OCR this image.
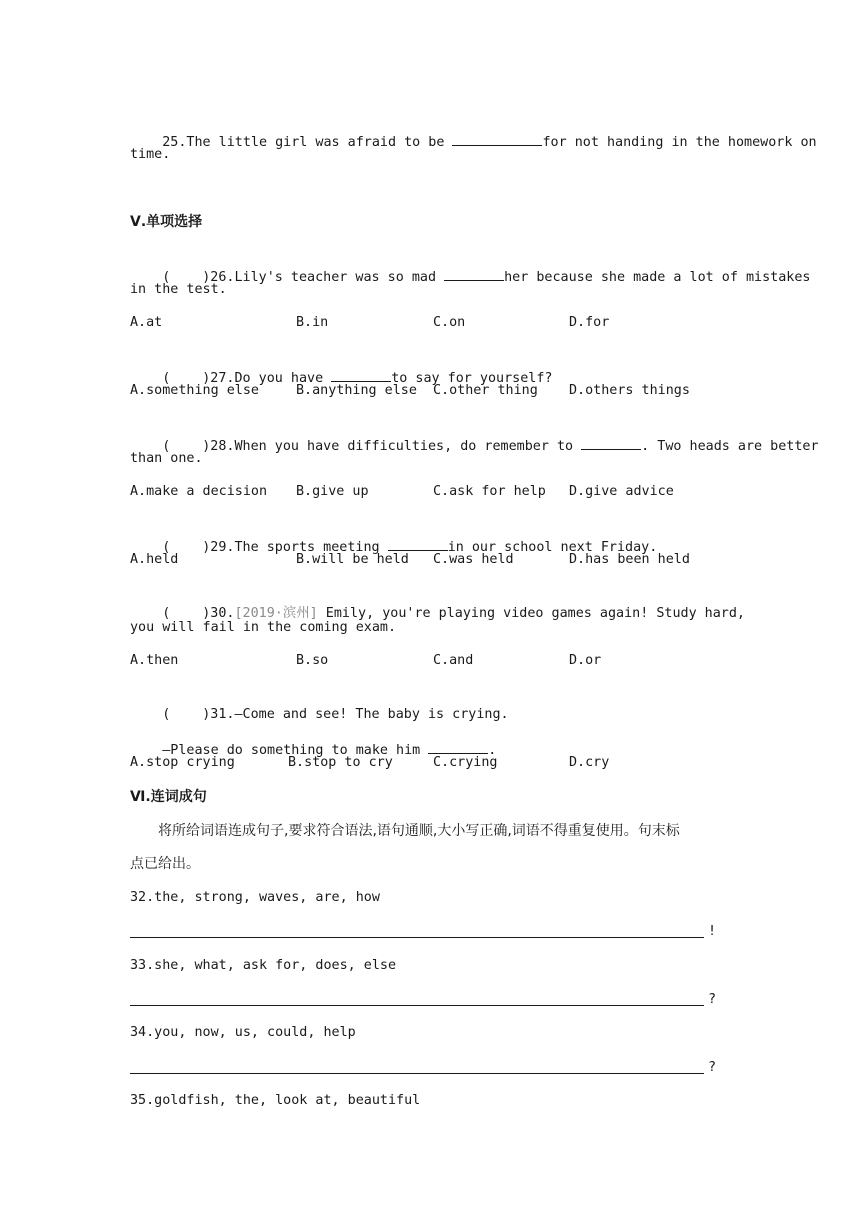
25.The little girl was afraid to be	for not handing in the homework on

time.
Ⅴ.单项选择

( )26.Lily's teacher was so mad	her because she made a lot of mistakes

in the test.

A.at

	B.in

	C.on

	D.for

( )27.Do you have	to say for yourself?

A.something else

	B.anything else

C.other thing

D.others things

( )28.When you have difficulties, do remember to	. Two heads are better

than one.

A.make a decision

B.give up

	C.ask for help

D.give advice

( )29.The sports meeting	in our school next Friday.

A.held

	B.will be held

C.was held

	D.has been held

( )30.[2019·滨州] Emily, you're playing video games again! Study hard,

you will fail in the coming exam.

A.then

	B.so

	C.and

	D.or

( )31.—Come and see! The baby is crying.

—Please do something to make him	.

A.stop crying

	B.stop to cry

	C.crying

	D.cry

Ⅵ.连词成句
将所给词语连成句子,要求符合语法,语句通顺,大小写正确,词语不得重复使用。句末标
点已给出。
32.the, strong, waves, are, how
!
33.she, what, ask for, does, else
?
34.you, now, us, could, help
?
35.goldfish, the, look at, beautiful
